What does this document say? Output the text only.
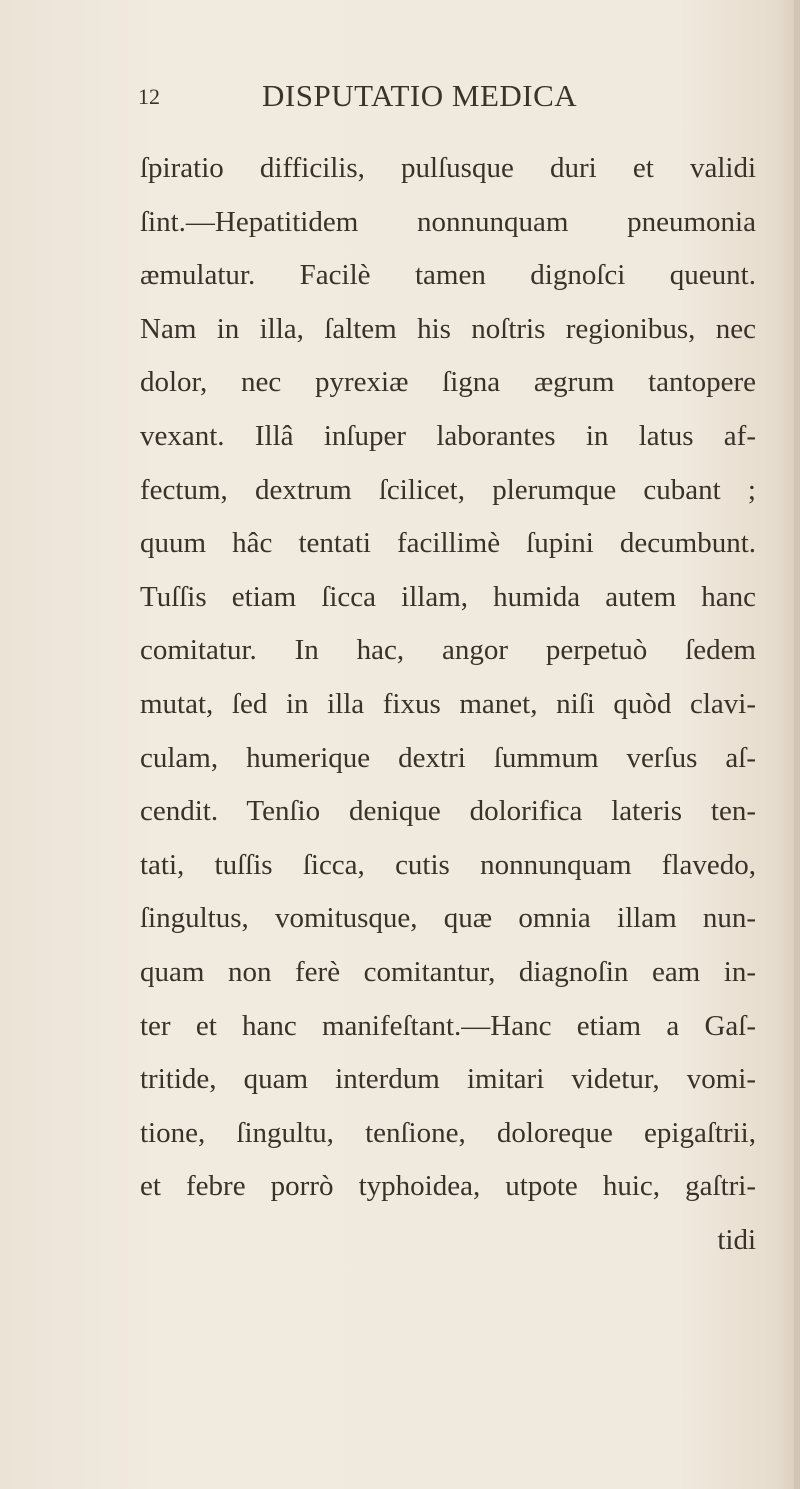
12	DISPUTATIO MEDICA
ſpiratio difficilis, pulſusque duri et validi
ſint.—Hepatitidem nonnunquam pneumonia
æmulatur. Facilè tamen dignoſci queunt.
Nam in illa, ſaltem his noſtris regionibus, nec
dolor, nec pyrexiæ ſigna ægrum tantopere
vexant. Illâ inſuper laborantes in latus af-
fectum, dextrum ſcilicet, plerumque cubant ;
quum hâc tentati facillimè ſupini decumbunt.
Tuſſis etiam ſicca illam, humida autem hanc
comitatur. In hac, angor perpetuò ſedem
mutat, ſed in illa fixus manet, niſi quòd clavi-
culam, humerique dextri ſummum verſus aſ-
cendit. Tenſio denique dolorifica lateris ten-
tati, tuſſis ſicca, cutis nonnunquam flavedo,
ſingultus, vomitusque, quæ omnia illam nun-
quam non ferè comitantur, diagnoſin eam in-
ter et hanc manifeſtant.—Hanc etiam a Gaſ-
tritide, quam interdum imitari videtur, vomi-
tione, ſingultu, tenſione, doloreque epigaſtrii,
et febre porrò typhoidea, utpote huic, gaſtri-
tidi
